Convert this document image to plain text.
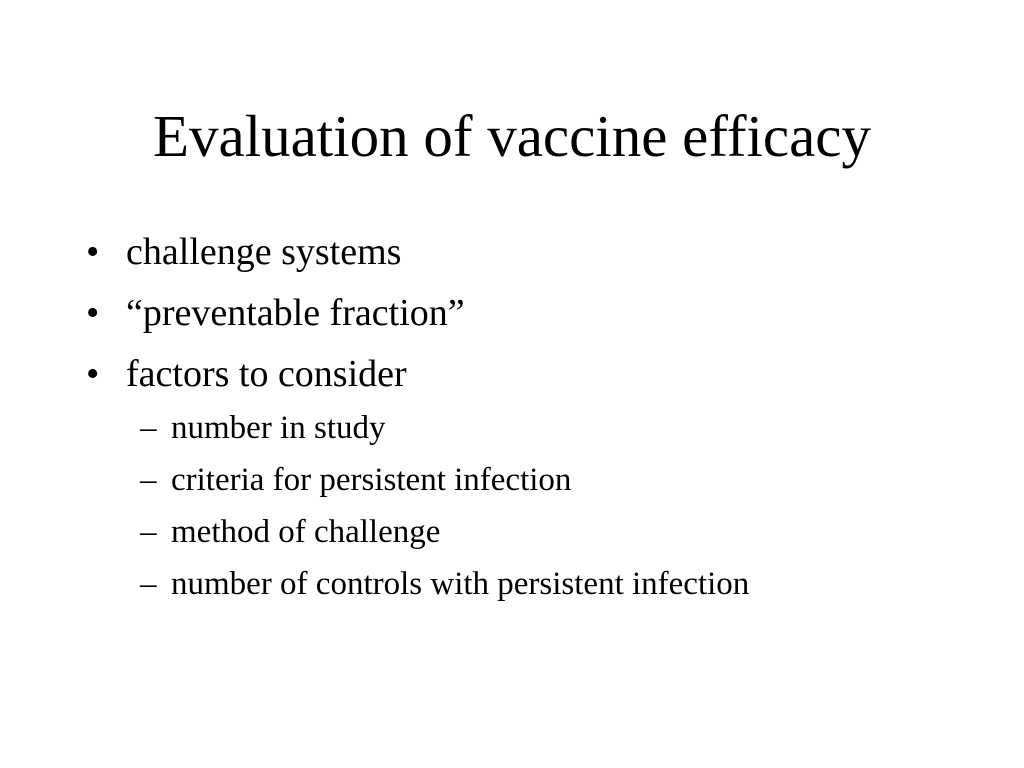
Evaluation of vaccine efficacy
• challenge systems
• “preventable fraction”
• factors to consider
– number in study
– criteria for persistent infection
– method of challenge
– number of controls with persistent infection
